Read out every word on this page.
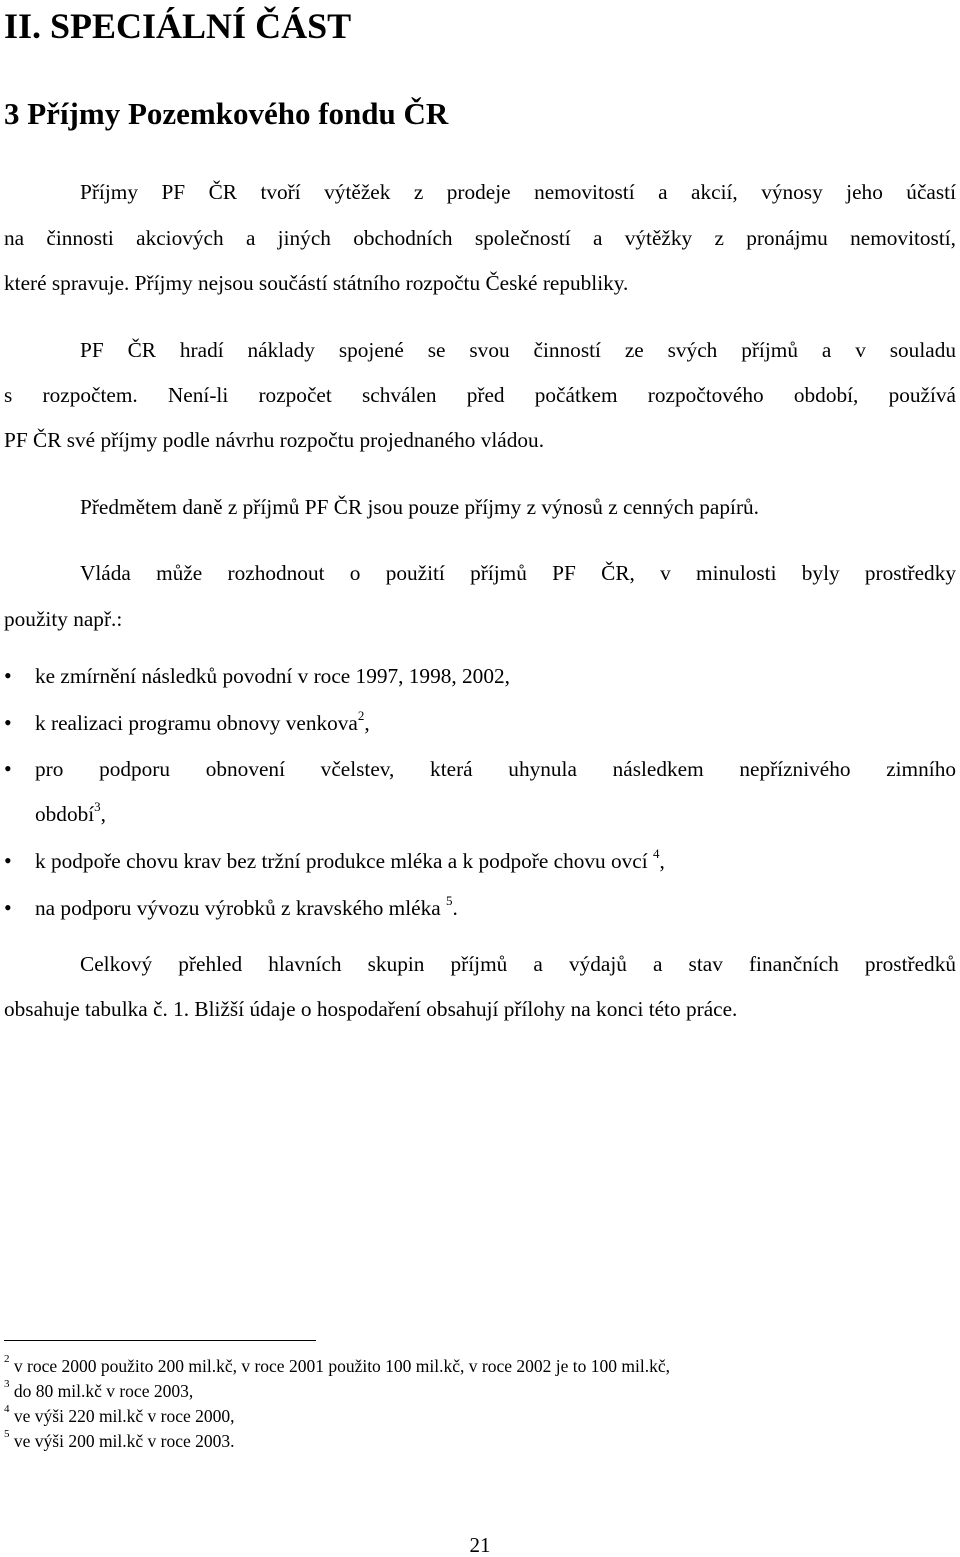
II. SPECIÁLNÍ ČÁST
3 Příjmy Pozemkového fondu ČR
Příjmy PF ČR tvoří výtěžek z prodeje nemovitostí a akcií, výnosy jeho účastí
na činnosti akciových a jiných obchodních společností a výtěžky z pronájmu nemovitostí,
které spravuje. Příjmy nejsou součástí státního rozpočtu České republiky.
PF ČR hradí náklady spojené se svou činností ze svých příjmů a v souladu
s rozpočtem. Není-li rozpočet schválen před počátkem rozpočtového období, používá
PF ČR své příjmy podle návrhu rozpočtu projednaného vládou.
Předmětem daně z příjmů PF ČR jsou pouze příjmy z výnosů z cenných papírů.
Vláda může rozhodnout o použití příjmů PF ČR, v minulosti byly prostředky
použity např.:
• ke zmírnění následků povodní v roce 1997, 1998, 2002,
• k realizaci programu obnovy venkova$^2$,
• pro podporu obnovení včelstev, která uhynula následkem nepříznivého zimního
období$^3$,
• k podpoře chovu krav bez tržní produkce mléka a k podpoře chovu ovcí $^4$,
• na podporu vývozu výrobků z kravského mléka $^5$.
Celkový přehled hlavních skupin příjmů a výdajů a stav finančních prostředků
obsahuje tabulka č. 1. Bližší údaje o hospodaření obsahují přílohy na konci této práce.
$^2$ v roce 2000 použito 200 mil.kč, v roce 2001 použito 100 mil.kč, v roce 2002 je to 100 mil.kč,
$^3$ do 80 mil.kč v roce 2003,
$^4$ ve výši 220 mil.kč v roce 2000,
$^5$ ve výši 200 mil.kč v roce 2003.
21
